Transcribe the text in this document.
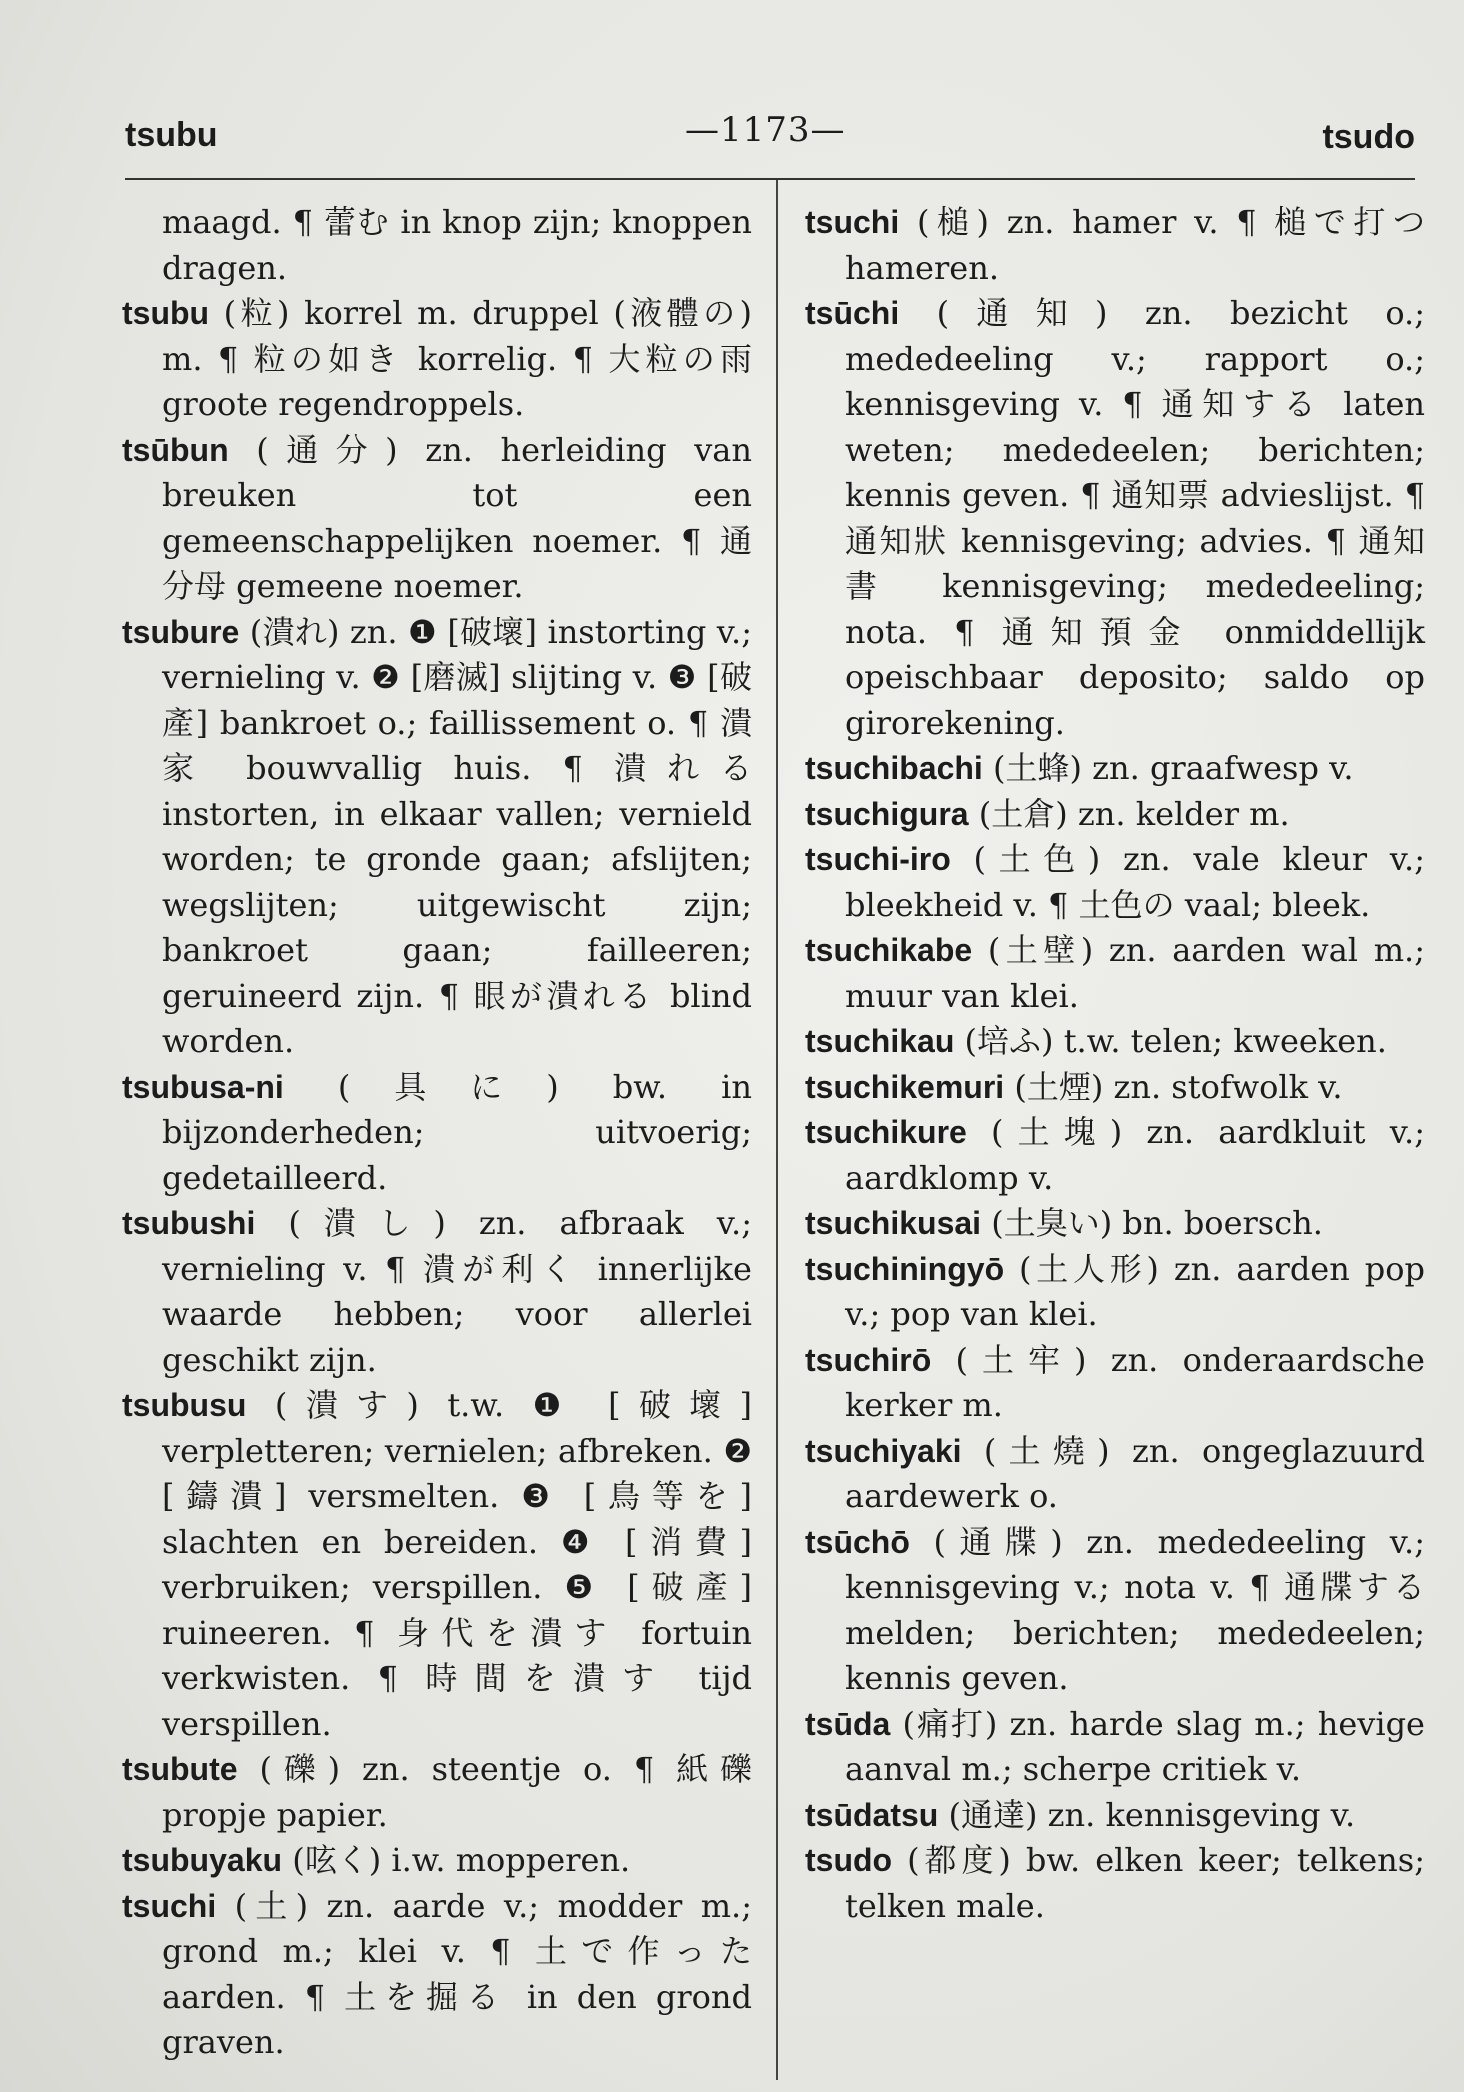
tsubu	—1173—	tsudo

maagd. ¶ 蕾む in knop zijn; knoppen dragen.

tsubu (粒) korrel m. druppel (液體の) m. ¶ 粒の如き korrelig. ¶ 大粒の雨 groote regendroppels.

tsūbun (通分) zn. herleiding van breuken tot een gemeenschappelijken noemer. ¶ 通分母 gemeene noemer.

tsubure (潰れ) zn. ❶ [破壞] instorting v.; vernieling v. ❷ [磨滅] slijting v. ❸ [破產] bankroet o.; faillissement o. ¶ 潰家 bouwvallig huis. ¶ 潰れる instorten, in elkaar vallen; vernield worden; te gronde gaan; afslijten; wegslijten; uitgewischt zijn; bankroet gaan; failleeren; geruineerd zijn. ¶ 眼が潰れる blind worden.

tsubusa-ni (具に) bw. in bijzonderheden; uitvoerig; gedetailleerd.

tsubushi (潰し) zn. afbraak v.; vernieling v. ¶ 潰が利く innerlijke waarde hebben; voor allerlei geschikt zijn.

tsubusu (潰す) t.w. ❶ [破壞] verpletteren; vernielen; afbreken. ❷ [鑄潰] versmelten. ❸ [鳥等を] slachten en bereiden. ❹ [消費] verbruiken; verspillen. ❺ [破產] ruineeren. ¶ 身代を潰す fortuin verkwisten. ¶ 時間を潰す tijd verspillen.

tsubute (礫) zn. steentje o. ¶ 紙礫 propje papier.

tsubuyaku (呟く) i.w. mopperen.

tsuchi (土) zn. aarde v.; modder m.; grond m.; klei v. ¶ 土で作った aarden. ¶ 土を掘る in den grond graven.

tsuchi (槌) zn. hamer v. ¶ 槌で打つ hameren.

tsūchi (通知) zn. bezicht o.; mededeeling v.; rapport o.; kennisgeving v. ¶ 通知する laten weten; mededeelen; berichten; kennis geven. ¶ 通知票 advieslijst. ¶ 通知狀 kennisgeving; advies. ¶ 通知書 kennisgeving; mededeeling; nota. ¶ 通知預金 onmiddellijk opeischbaar deposito; saldo op girorekening.

tsuchibachi (土蜂) zn. graafwesp v.

tsuchigura (土倉) zn. kelder m.

tsuchi-iro (土色) zn. vale kleur v.; bleekheid v. ¶ 土色の vaal; bleek.

tsuchikabe (土壁) zn. aarden wal m.; muur van klei.

tsuchikau (培ふ) t.w. telen; kweeken.

tsuchikemuri (土煙) zn. stofwolk v.

tsuchikure (土塊) zn. aardkluit v.; aardklomp v.

tsuchikusai (土臭い) bn. boersch.

tsuchiningyō (土人形) zn. aarden pop v.; pop van klei.

tsuchirō (土牢) zn. onderaardsche kerker m.

tsuchiyaki (土燒) zn. ongeglazuurd aardewerk o.

tsūchō (通牒) zn. mededeeling v.; kennisgeving v.; nota v. ¶ 通牒する melden; berichten; mededeelen; kennis geven.

tsūda (痛打) zn. harde slag m.; hevige aanval m.; scherpe critiek v.

tsūdatsu (通達) zn. kennisgeving v.

tsudo (都度) bw. elken keer; telkens; telken male.
